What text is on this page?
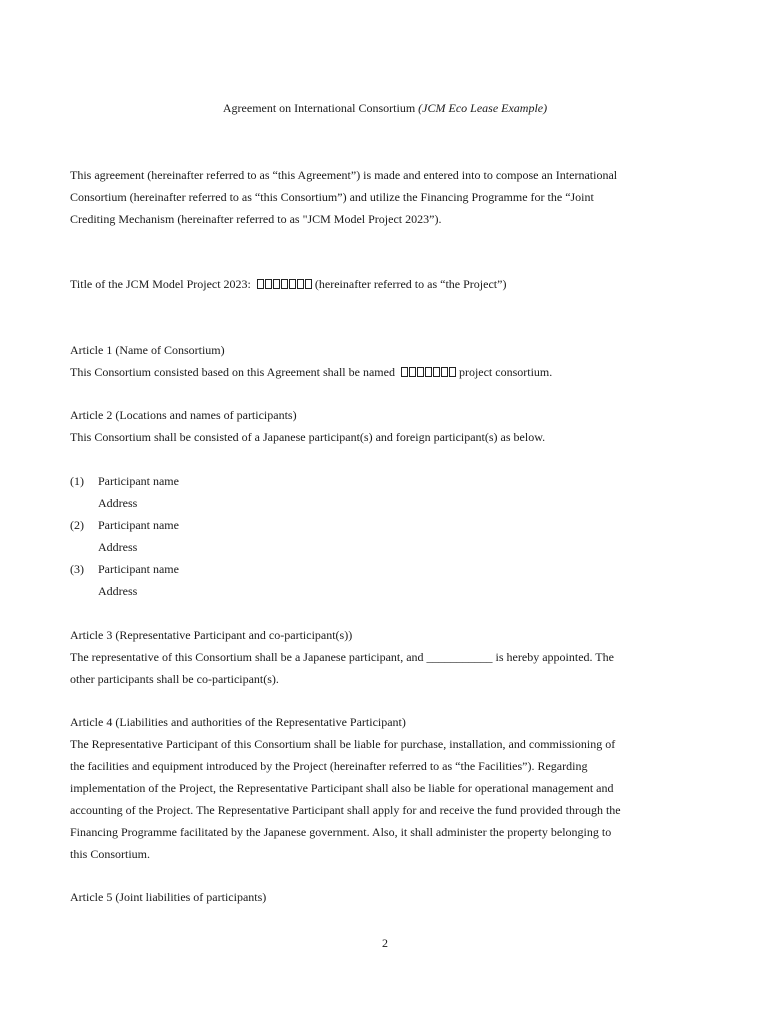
Agreement on International Consortium (JCM Eco Lease Example)
This agreement (hereinafter referred to as “this Agreement”) is made and entered into to compose an International
Consortium (hereinafter referred to as “this Consortium”) and utilize the Financing Programme for the “Joint
Crediting Mechanism (hereinafter referred to as "JCM Model Project 2023”).
Title of the JCM Model Project 2023:	(hereinafter referred to as “the Project”)
Article 1 (Name of Consortium)
This Consortium consisted based on this Agreement shall be named	project consortium.
Article 2 (Locations and names of participants)
This Consortium shall be consisted of a Japanese participant(s) and foreign participant(s) as below.
(1) Participant name
Address
(2) Participant name
Address
(3) Participant name
Address
Article 3 (Representative Participant and co-participant(s))
The representative of this Consortium shall be a Japanese participant, and ___________ is hereby appointed. The
other participants shall be co-participant(s).
Article 4 (Liabilities and authorities of the Representative Participant)
The Representative Participant of this Consortium shall be liable for purchase, installation, and commissioning of
the facilities and equipment introduced by the Project (hereinafter referred to as “the Facilities”). Regarding
implementation of the Project, the Representative Participant shall also be liable for operational management and
accounting of the Project. The Representative Participant shall apply for and receive the fund provided through the
Financing Programme facilitated by the Japanese government. Also, it shall administer the property belonging to
this Consortium.
Article 5 (Joint liabilities of participants)
2
